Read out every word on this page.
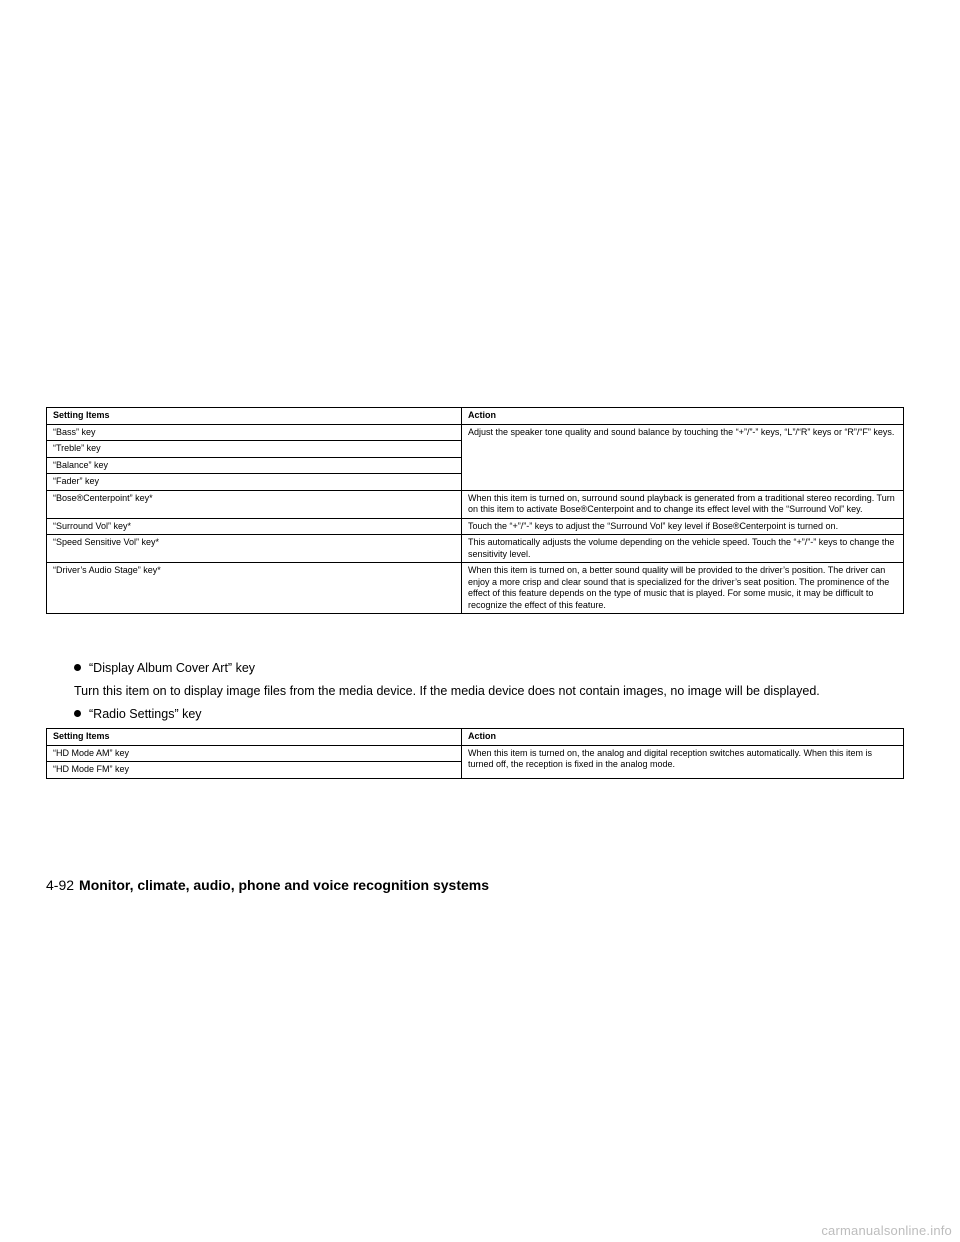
Setting Items	Action
“Bass” key	Adjust the speaker tone quality and sound balance by touching the “+”/”-” keys, “L”/“R” keys or “R”/“F” keys.
“Treble” key	
“Balance” key	
“Fader” key	
“Bose®Centerpoint” key*	When this item is turned on, surround sound playback is generated from a traditional stereo recording. Turn on this item to activate Bose®Centerpoint and to change its effect level with the “Surround Vol” key.
“Surround Vol” key*	Touch the “+”/”-” keys to adjust the “Surround Vol” key level if Bose®Centerpoint is turned on.
“Speed Sensitive Vol” key*	This automatically adjusts the volume depending on the vehicle speed. Touch the “+”/”-” keys to change the sensitivity level.
“Driver’s Audio Stage” key*	When this item is turned on, a better sound quality will be provided to the driver’s position. The driver can enjoy a more crisp and clear sound that is specialized for the driver’s seat position. The prominence of the effect of this feature depends on the type of music that is played. For some music, it may be difficult to recognize the effect of this feature.
“Display Album Cover Art” key
Turn this item on to display image files from the media device. If the media device does not contain images, no image will be displayed.
“Radio Settings” key
Setting Items	Action
“HD Mode AM” key	When this item is turned on, the analog and digital reception switches automatically. When this item is turned off, the reception is fixed in the analog mode.
“HD Mode FM” key	
4-92 Monitor, climate, audio, phone and voice recognition systems
carmanualsonline.info
